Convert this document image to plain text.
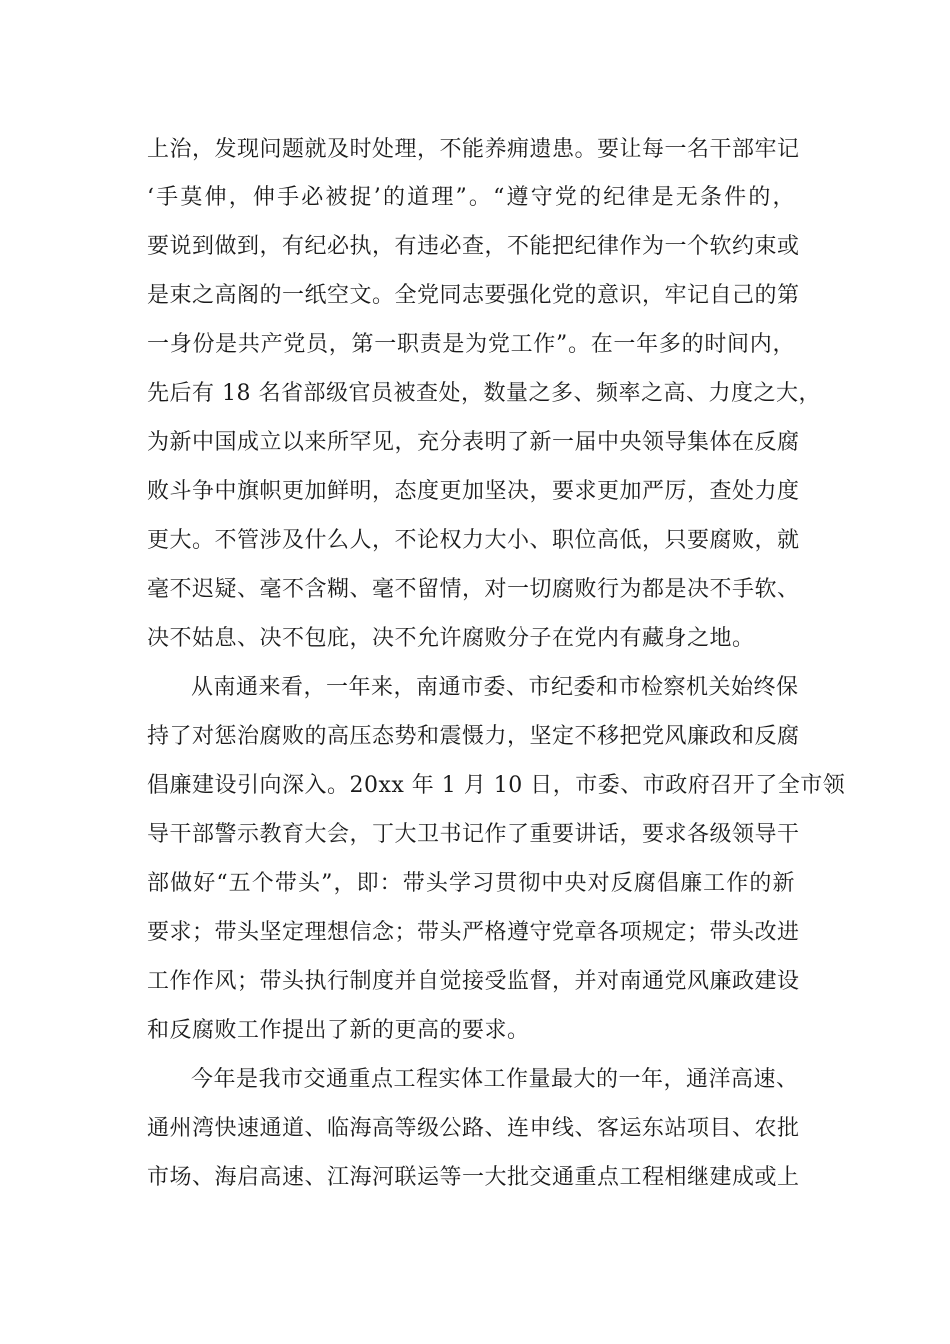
上治，发现问题就及时处理，不能养痈遗患。要让每一名干部牢记
‘手莫伸，伸手必被捉’的道理”。“遵守党的纪律是无条件的，
要说到做到，有纪必执，有违必查，不能把纪律作为一个软约束或
是束之高阁的一纸空文。全党同志要强化党的意识，牢记自己的第
一身份是共产党员，第一职责是为党工作”。在一年多的时间内，
先后有 18 名省部级官员被查处，数量之多、频率之高、力度之大，
为新中国成立以来所罕见，充分表明了新一届中央领导集体在反腐
败斗争中旗帜更加鲜明，态度更加坚决，要求更加严厉，查处力度
更大。不管涉及什么人，不论权力大小、职位高低，只要腐败，就
毫不迟疑、毫不含糊、毫不留情，对一切腐败行为都是决不手软、
决不姑息、决不包庇，决不允许腐败分子在党内有藏身之地。
从南通来看，一年来，南通市委、市纪委和市检察机关始终保
持了对惩治腐败的高压态势和震慑力，坚定不移把党风廉政和反腐
倡廉建设引向深入。20xx 年 1 月 10 日，市委、市政府召开了全市领
导干部警示教育大会，丁大卫书记作了重要讲话，要求各级领导干
部做好“五个带头”，即：带头学习贯彻中央对反腐倡廉工作的新
要求；带头坚定理想信念；带头严格遵守党章各项规定；带头改进
工作作风；带头执行制度并自觉接受监督，并对南通党风廉政建设
和反腐败工作提出了新的更高的要求。
今年是我市交通重点工程实体工作量最大的一年，通洋高速、
通州湾快速通道、临海高等级公路、连申线、客运东站项目、农批
市场、海启高速、江海河联运等一大批交通重点工程相继建成或上
